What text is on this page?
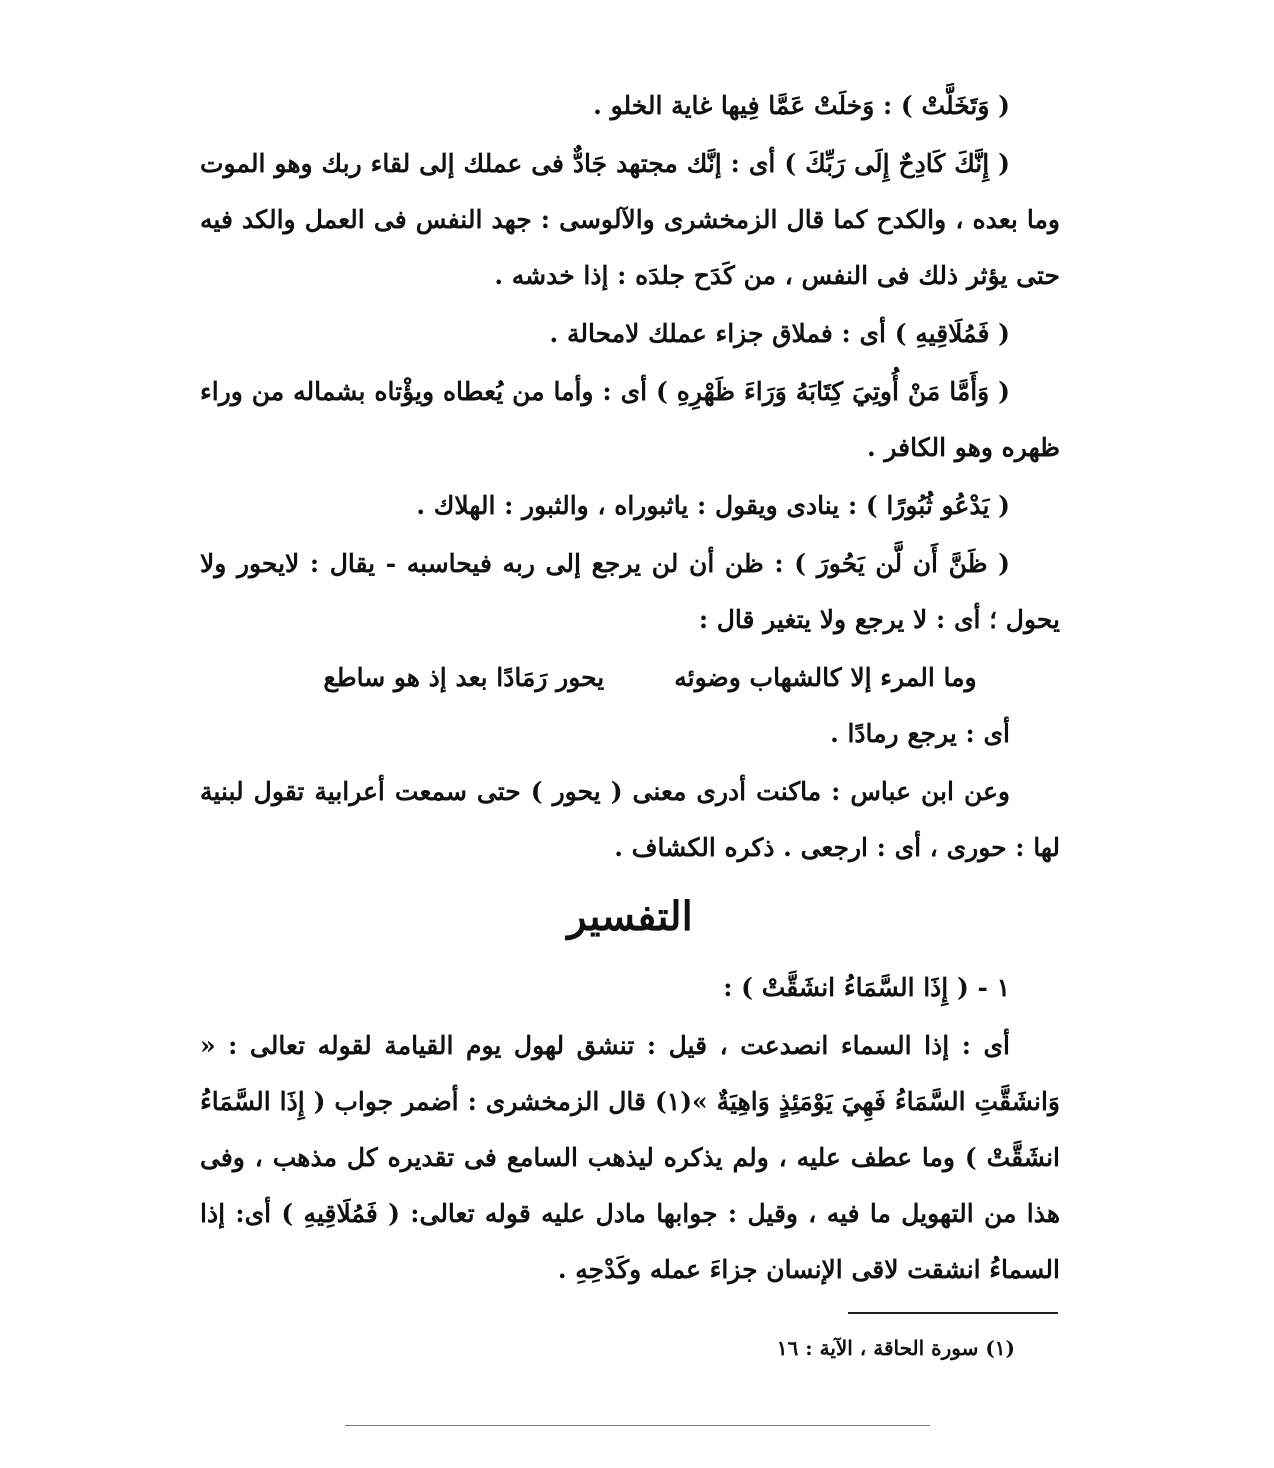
( وَتَخَلَّتْ ) : وَخلَتْ عَمَّا فِيها غاية الخلو .

( إِنَّكَ كَادِحٌ إِلَى رَبِّكَ ) أى : إنَّك مجتهد جَادٌّ فى عملك إلى لقاء ربك وهو الموت وما بعده ، والكدح كما قال الزمخشرى والآلوسى : جهد النفس فى العمل والكد فيه حتى يؤثر ذلك فى النفس ، من كَدَح جلدَه : إذا خدشه .

( فَمُلَاقِيهِ ) أى : فملاق جزاء عملك لامحالة .

( وَأَمَّا مَنْ أُوتِيَ كِتَابَهُ وَرَاءَ ظَهْرِهِ ) أى : وأما من يُعطاه ويؤْتاه بشماله من وراء ظهره وهو الكافر .

( يَدْعُو ثُبُورًا ) : ينادى ويقول : ياثبوراه ، والثبور : الهلاك .

( ظَنَّ أَن لَّن يَحُورَ ) : ظن أن لن يرجع إلى ربه فيحاسبه - يقال : لايحور ولا يحول ؛ أى : لا يرجع ولا يتغير قال :

وما المرء إلا كالشهاب وضوئه
يحور رَمَادًا بعد إذ هو ساطع

أى : يرجع رمادًا .

وعن ابن عباس : ماكنت أدرى معنى ( يحور ) حتى سمعت أعرابية تقول لبنية لها : حورى ، أى : ارجعى . ذكره الكشاف .

التفسير

١ - ( إِذَا السَّمَاءُ انشَقَّتْ ) :

أى : إذا السماء انصدعت ، قيل : تنشق لهول يوم القيامة لقوله تعالى : « وَانشَقَّتِ السَّمَاءُ فَهِيَ يَوْمَئِذٍ وَاهِيَةٌ »(١) قال الزمخشرى : أضمر جواب ( إِذَا السَّمَاءُ انشَقَّتْ ) وما عطف عليه ، ولم يذكره ليذهب السامع فى تقديره كل مذهب ، وفى هذا من التهويل ما فيه ، وقيل : جوابها مادل عليه قوله تعالى: ( فَمُلَاقِيهِ ) أى: إذا السماءُ انشقت لاقى الإنسان جزاءَ عمله وكَدْحِهِ .

(١) سورة الحاقة ، الآية : ١٦
